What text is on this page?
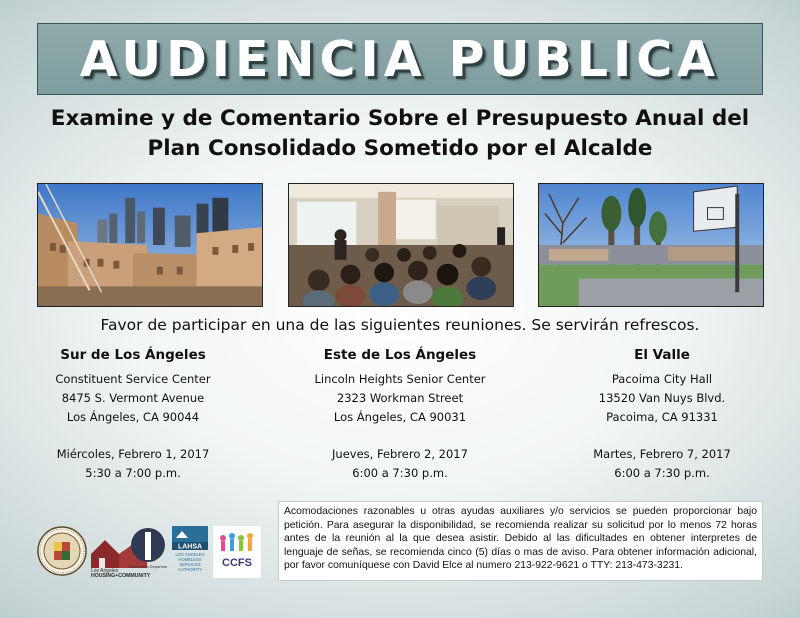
AUDIENCIA PUBLICA
Examine y de Comentario Sobre el Presupuesto Anual del
Plan Consolidado Sometido por el Alcalde
Favor de participar en una de las siguientes reuniones. Se servirán refrescos.
Sur de Los Ángeles
Constituent Service Center
8475 S. Vermont Avenue
Los Ángeles, CA 90044
Miércoles, Febrero 1, 2017
5:30 a 7:00 p.m.
Este de Los Ángeles
Lincoln Heights Senior Center
2323 Workman Street
Los Ángeles, CA 90031
Jueves, Febrero 2, 2017
6:00 a 7:30 p.m.
El Valle
Pacoima City Hall
13520 Van Nuys Blvd.
Pacoima, CA 91331
Martes, Febrero 7, 2017
6:00 a 7:30 p.m.
Acomodaciones razonables u otras ayudas auxiliares y/o servicios se pueden proporcionar bajo petición. Para asegurar la disponibilidad, se recomienda realizar su solicitud por lo menos 72 horas antes de la reunión al la que desea asistir. Debido al las dificultades en obtener interpretes de lenguaje de señas, se recomienda cinco (5) días o mas de aviso. Para obtener información adicional, por favor comuníquese con David Elce al numero 213-922-9621 o TTY: 213-473-3231.
Los Angeles
HOUSING+COMMUNITY
Investment Department
LAHSA
LOS ANGELES
HOMELESS
SERVICES
AUTHORITY
CCFS
